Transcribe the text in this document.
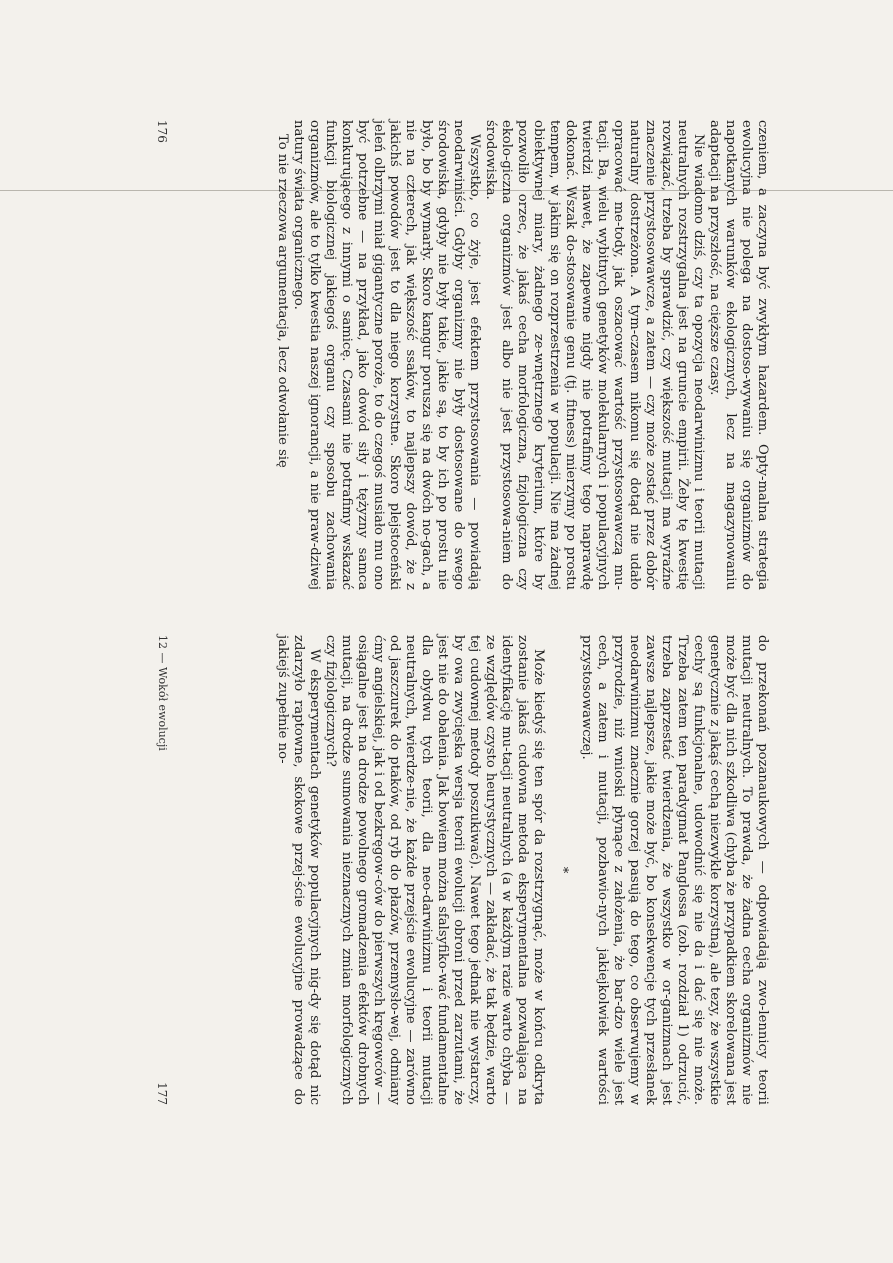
czeniem, a zaczyna być zwykłym hazardem. Opty-malna strategia ewolucyjna nie polega na dostoso-wywaniu się organizmów do napotkanych warunków ekologicznych, lecz na magazynowaniu adaptacji na przyszłość, na cięższe czasy.

Nie wiadomo dziś, czy ta opozycja neodarwinizmu i teorii mutacji neutralnych rozstrzygalna jest na gruncie empirii. Żeby tę kwestię rozwiązać, trzeba by sprawdzić, czy większość mutacji ma wyraźne znaczenie przystosowawcze, a zatem — czy może zostać przez dobór naturalny dostrzeżona. A tym-czasem nikomu się dotąd nie udało opracować me-tody, jak oszacować wartość przystosowawczą mu-tacji. Ba, wielu wybitnych genetyków molekularnych i populacyjnych twierdzi nawet, że zapewne nigdy nie potrafimy tego naprawdę dokonać. Wszak do-stosowanie genu (tj. fitness) mierzymy po prostu tempem, w jakim się on rozprzestrzenia w populacji. Nie ma żadnej obiektywnej miary, żadnego ze-wnętrznego kryterium, które by pozwoliło orzec, że jakaś cecha morfologiczna, fizjologiczna czy ekolo-giczna organizmów jest albo nie jest przystosowa-niem do środowiska.

Wszystko, co żyje, jest efektem przystosowania — powiadają neodarwiniści. Gdyby organizmy nie były dostosowane do swego środowiska, gdyby nie były takie, jakie są, to by ich po prostu nie było, bo by wymarły. Skoro kangur porusza się na dwóch no-gach, a nie na czterech, jak większość ssaków, to najlepszy dowód, że z jakichś powodów jest to dla niego korzystne. Skoro plejstoceński jeleń olbrzymi miał gigantyczne poroże, to do czegoś musiało mu ono być potrzebne — na przykład, jako dowód siły i tężyzny samca konkurującego z innymi o samicę. Czasami nie potrafimy wskazać funkcji biologicznej jakiegoś organu czy sposobu zachowania organizmów, ale to tylko kwestia naszej ignorancji, a nie praw-dziwej natury świata organicznego.

To nie rzeczowa argumentacja, lecz odwołanie się

176

do przekonań pozanaukowych — odpowiadają zwo-lennicy teorii mutacji neutralnych. To prawda, że żadna cecha organizmów nie może być dla nich szkodliwa (chyba że przypadkiem skorelowana jest genetycznie z jakąś cechą niezwykle korzystną), ale tezy, że wszystkie cechy są funkcjonalne, udowodnić się nie da i dać się nie może. Trzeba zatem ten paradygmat Panglossa (zob. rozdział 1) odrzucić, trzeba zaprzestać twierdzenia, że wszystko w or-ganizmach jest zawsze najlepsze, jakie może być, bo konsekwencje tych przesłanek neodarwinizmu znacznie gorzej pasują do tego, co obserwujemy w przyrodzie, niż wnioski płynące z założenia, że bar-dzo wiele jest cech, a zatem i mutacji, pozbawio-nych jakiejkolwiek wartości przystosowawczej.

*

Może kiedyś się ten spór da rozstrzygnąć, może w końcu odkryta zostanie jakaś cudowna metoda eksperymentalna pozwalająca na identyfikację mu-tacji neutralnych (a w każdym razie warto chyba — ze względów czysto heurystycznych — zakładać, że tak będzie, warto tej cudownej metody poszukiwać). Nawet tego jednak nie wystarczy, by owa zwycięska wersja teorii ewolucji obroni przed zarzutami, że jest nie do obalenia. Jak bowiem można sfalsyfiko-wać fundamentalne dla obydwu tych teorii, dla neo-darwinizmu i teorii mutacji neutralnych, twierdze-nie, że każde przejście ewolucyjne — zarówno od jaszczurek do ptaków, od ryb do płazów, przemysło-wej, odmiany ćmy angielskiej, jak i od bezkręgow-ców do pierwszych kręgowców — osiągalne jest na drodze powolnego gromadzenia efektów drobnych mutacji, na drodze sumowania nieznacznych zmian morfologicznych czy fizjologicznych?

W eksperymentach genetyków populacyjnych nig-dy się dotąd nic zdarzyło raptowne, skokowe przej-ście ewolucyjne prowadzące do jakiejś zupełnie no-

12 — Wokół ewolucji
177
